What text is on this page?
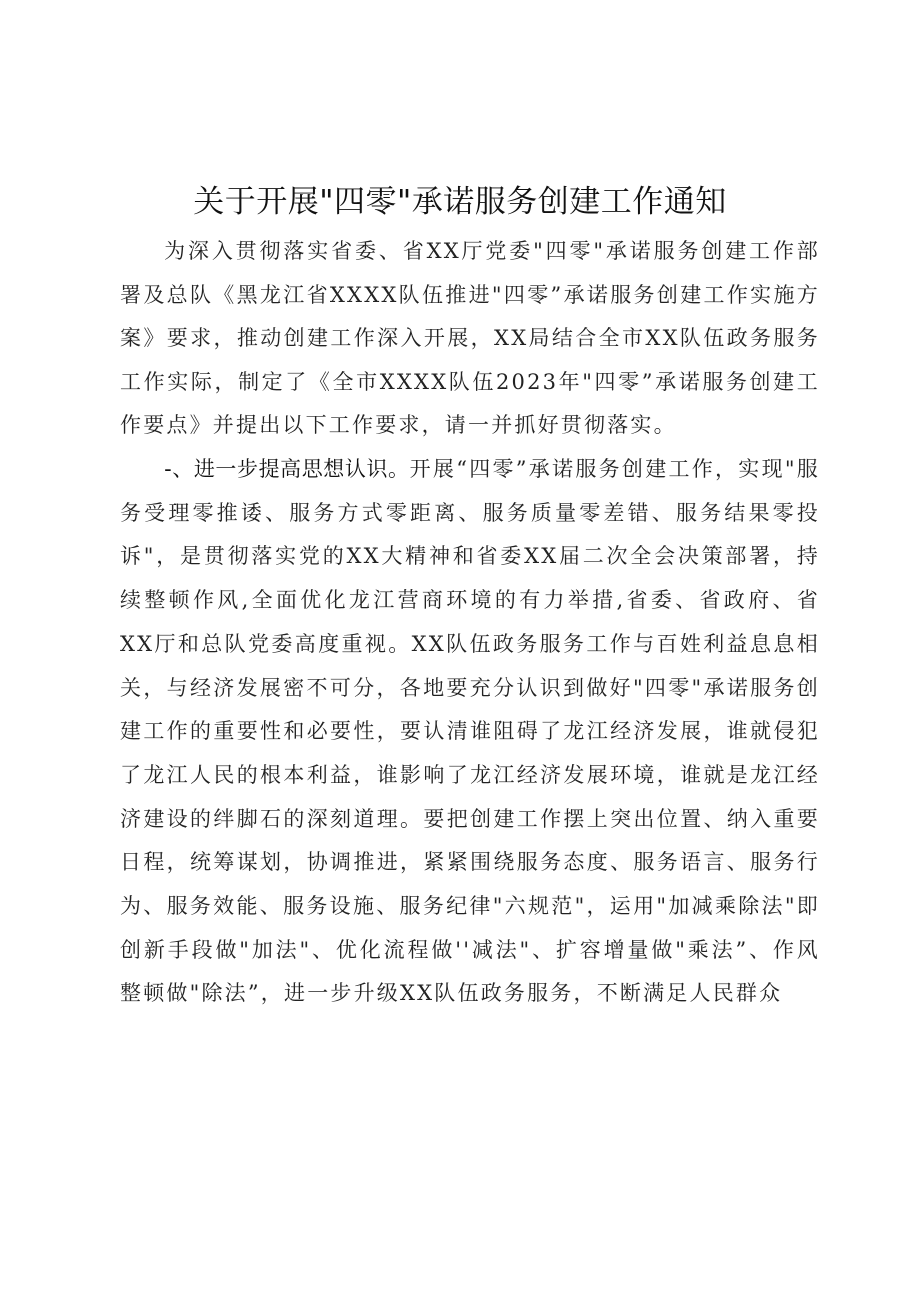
关于开展"四零"承诺服务创建工作通知

为深入贯彻落实省委、省XX厅党委"四零"承诺服务创建工作部署及总队《黑龙江省XXXX队伍推进"四零”承诺服务创建工作实施方案》要求，推动创建工作深入开展，XX局结合全市XX队伍政务服务工作实际，制定了《全市XXXX队伍2023年"四零”承诺服务创建工作要点》并提出以下工作要求，请一并抓好贯彻落实。

-、进一步提高思想认识。开展“四零”承诺服务创建工作，实现"服务受理零推诿、服务方式零距离、服务质量零差错、服务结果零投诉"，是贯彻落实党的XX大精神和省委XX届二次全会决策部署，持续整顿作风,全面优化龙江营商环境的有力举措,省委、省政府、省XX厅和总队党委高度重视。XX队伍政务服务工作与百姓利益息息相关，与经济发展密不可分，各地要充分认识到做好"四零"承诺服务创建工作的重要性和必要性，要认清谁阻碍了龙江经济发展，谁就侵犯了龙江人民的根本利益，谁影响了龙江经济发展环境，谁就是龙江经济建设的绊脚石的深刻道理。要把创建工作摆上突出位置、纳入重要日程，统筹谋划，协调推进，紧紧围绕服务态度、服务语言、服务行为、服务效能、服务设施、服务纪律"六规范"，运用"加减乘除法"即创新手段做"加法"、优化流程做''减法"、扩容增量做"乘法”、作风整顿做"除法”，进一步升级XX队伍政务服务，不断满足人民群众
